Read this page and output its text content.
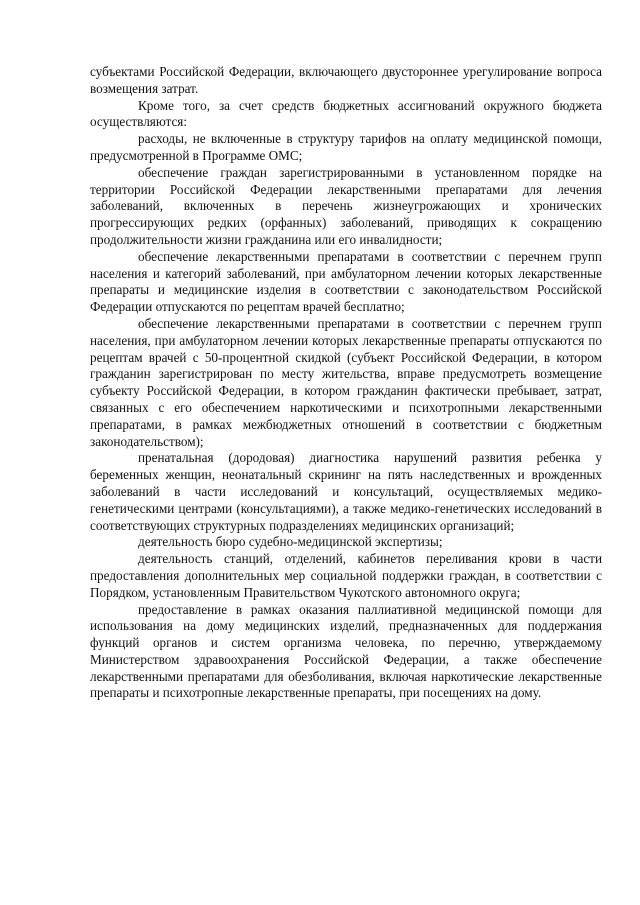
субъектами Российской Федерации, включающего двустороннее урегулирование вопроса возмещения затрат.

Кроме того, за счет средств бюджетных ассигнований окружного бюджета осуществляются:

расходы, не включенные в структуру тарифов на оплату медицинской помощи, предусмотренной в Программе ОМС;

обеспечение граждан зарегистрированными в установленном порядке на территории Российской Федерации лекарственными препаратами для лечения заболеваний, включенных в перечень жизнеугрожающих и хронических прогрессирующих редких (орфанных) заболеваний, приводящих к сокращению продолжительности жизни гражданина или его инвалидности;

обеспечение лекарственными препаратами в соответствии с перечнем групп населения и категорий заболеваний, при амбулаторном лечении которых лекарственные препараты и медицинские изделия в соответствии с законодательством Российской Федерации отпускаются по рецептам врачей бесплатно;

обеспечение лекарственными препаратами в соответствии с перечнем групп населения, при амбулаторном лечении которых лекарственные препараты отпускаются по рецептам врачей с 50-процентной скидкой (субъект Российской Федерации, в котором гражданин зарегистрирован по месту жительства, вправе предусмотреть возмещение субъекту Российской Федерации, в котором гражданин фактически пребывает, затрат, связанных с его обеспечением наркотическими и психотропными лекарственными препаратами, в рамках межбюджетных отношений в соответствии с бюджетным законодательством);

пренатальная (дородовая) диагностика нарушений развития ребенка у беременных женщин, неонатальный скрининг на пять наследственных и врожденных заболеваний в части исследований и консультаций, осуществляемых медико-генетическими центрами (консультациями), а также медико-генетических исследований в соответствующих структурных подразделениях медицинских организаций;

деятельность бюро судебно-медицинской экспертизы;

деятельность станций, отделений, кабинетов переливания крови в части предоставления дополнительных мер социальной поддержки граждан, в соответствии с Порядком, установленным Правительством Чукотского автономного округа;

предоставление в рамках оказания паллиативной медицинской помощи для использования на дому медицинских изделий, предназначенных для поддержания функций органов и систем организма человека, по перечню, утверждаемому Министерством здравоохранения Российской Федерации, а также обеспечение лекарственными препаратами для обезболивания, включая наркотические лекарственные препараты и психотропные лекарственные препараты, при посещениях на дому.
